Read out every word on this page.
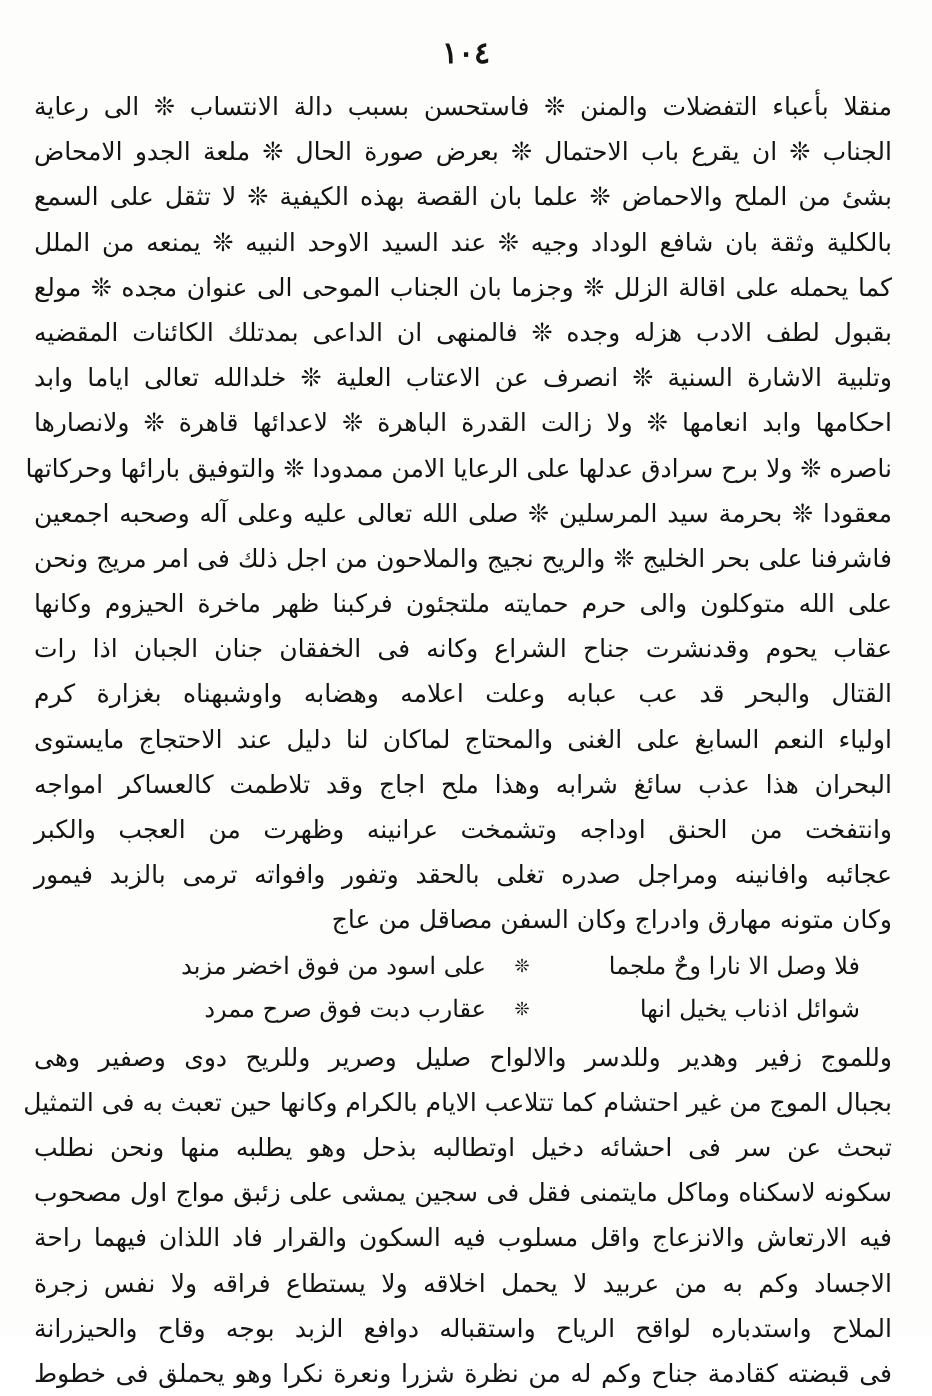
١٠٤
منقلا بأعباء التفضلات والمنن ❊ فاستحسن بسبب دالة الانتساب ❊ الى رعاية
الجناب ❊ ان يقرع باب الاحتمال ❊ بعرض صورة الحال ❊ ملعة الجدو الامحاض
بشىٔ من الملح والاحماض ❊ علما بان القصة بهذه الكيفية ❊ لا تثقل على السمع
بالكلية وثقة بان شافع الوداد وجيه ❊ عند السيد الاوحد النبيه ❊ يمنعه من الملل
كما يحمله على اقالة الزلل ❊ وجزما بان الجناب الموحى الى عنوان مجده ❊ مولع
بقبول لطف الادب هزله وجده ❊ فالمنهى ان الداعى بمدتلك الكائنات المقضيه
وتلبية الاشارة السنية ❊ انصرف عن الاعتاب العلية ❊ خلدالله تعالى اياما وابد
احكامها وابد انعامها ❊ ولا زالت القدرة الباهرة ❊ لاعدائها قاهرة ❊ ولانصارها
ناصره ❊ ولا برح سرادق عدلها على الرعايا الامن ممدودا ❊ والتوفيق بارائها وحركاتها
معقودا ❊ بحرمة سيد المرسلين ❊ صلى الله تعالى عليه وعلى آله وصحبه اجمعين
فاشرفنا على بحر الخليج ❊ والريح نجيج والملاحون من اجل ذلك فى امر مريج ونحن
على الله متوكلون والى حرم حمايته ملتجئون فركبنا ظهر ماخرة الحيزوم وكانها
عقاب يحوم وقدنشرت جناح الشراع وكانه فى الخفقان جنان الجبان اذا رات
القتال والبحر قد عب عبابه وعلت اعلامه وهضابه واوشبهناه بغزارة كرم
اولياء النعم السابغ على الغنى والمحتاج لماكان لنا دليل عند الاحتجاج مايستوى
البحران هذا عذب سائغ شرابه وهذا ملح اجاج وقد تلاطمت كالعساكر امواجه
وانتفخت من الحنق اوداجه وتشمخت عرانينه وظهرت من العجب والكبر
عجائبه وافانينه ومراجل صدره تغلى بالحقد وتفور وافواته ترمى بالزبد فيمور
وكان متونه مهارق وادراج وكان السفن مصاقل من عاج
فلا وصل الا نارا وحٌ ملجما
❊
على اسود من فوق اخضر مزبد
شوائل اذناب يخيل انها
❊
عقارب دبت فوق صرح ممرد
وللموج زفير وهدير وللدسر والالواح صليل وصرير وللريح دوى وصفير وهى
بجبال الموج من غير احتشام كما تتلاعب الايام بالكرام وكانها حين تعبث به فى التمثيل
تبحث عن سر فى احشائه دخيل اوتطالبه بذحل وهو يطلبه منها ونحن نطلب
سكونه لاسكناه وماكل مايتمنى فقل فى سجين يمشى على زئبق مواج اول مصحوب
فيه الارتعاش والانزعاج واقل مسلوب فيه السكون والقرار فاد اللذان فيهما راحة
الاجساد وكم به من عربيد لا يحمل اخلاقه ولا يستطاع فراقه ولا نفس زجرة
الملاح واستدباره لواقح الرياح واستقباله دوافع الزبد بوجه وقاح والحيزرانة
فى قبضته كقادمة جناح وكم له من نظرة شزرا ونعرة نكرا وهو يحملق فى خطوط
